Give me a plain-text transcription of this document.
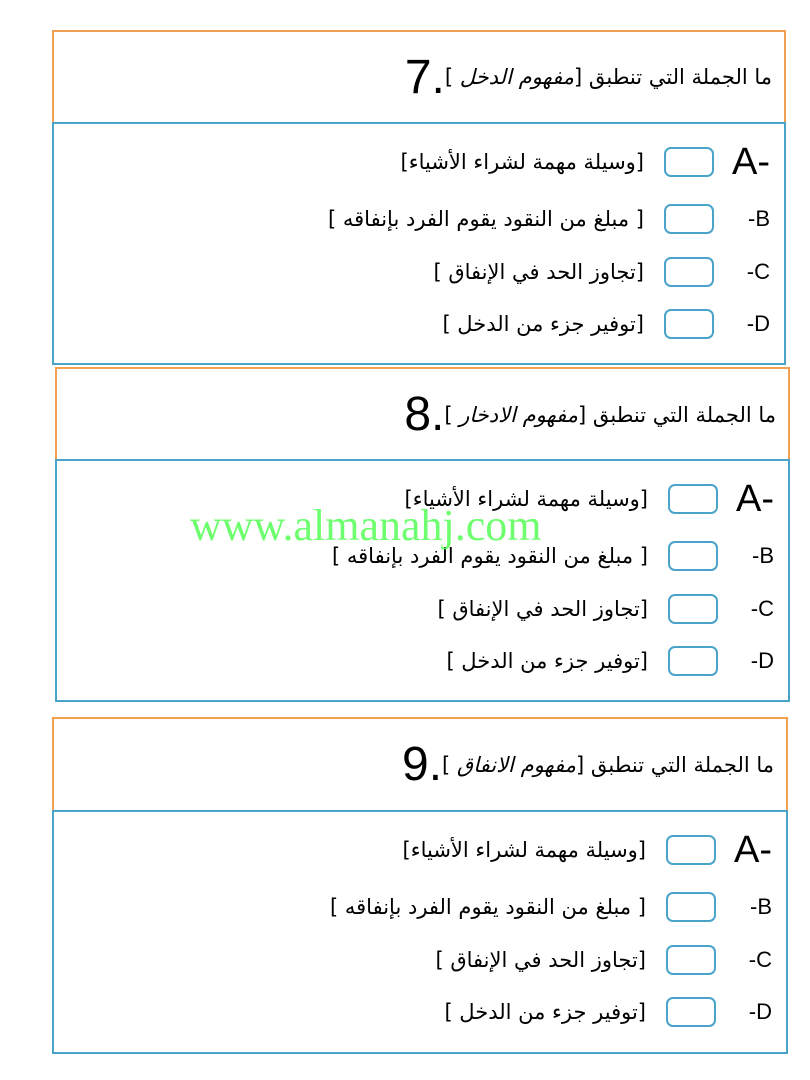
ما الجملة التي تنطبق [مفهوم الدخل ]
7.
A-
[وسيلة مهمة لشراء الأشياء]
-B
[ مبلغ من النقود يقوم الفرد بإنفاقه ]
-C
[تجاوز الحد في الإنفاق ]
-D
[توفير جزء من الدخل ]
ما الجملة التي تنطبق [مفهوم الادخار ]
8.
A-
[وسيلة مهمة لشراء الأشياء]
-B
[ مبلغ من النقود يقوم الفرد بإنفاقه ]
-C
[تجاوز الحد في الإنفاق ]
-D
[توفير جزء من الدخل ]
ما الجملة التي تنطبق [مفهوم الانفاق ]
9.
A-
[وسيلة مهمة لشراء الأشياء]
-B
[ مبلغ من النقود يقوم الفرد بإنفاقه ]
-C
[تجاوز الحد في الإنفاق ]
-D
[توفير جزء من الدخل ]
www.almanahj.com
